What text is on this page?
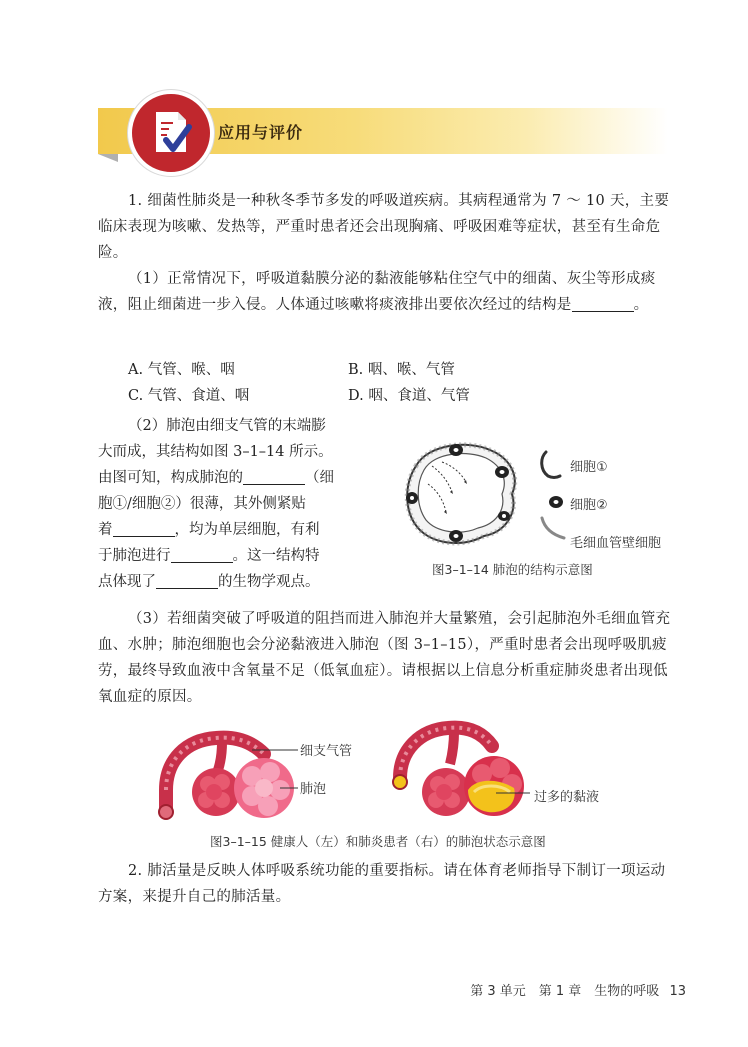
应用与评价
1. 细菌性肺炎是一种秋冬季节多发的呼吸道疾病。其病程通常为 7 ～ 10 天，主要临床表现为咳嗽、发热等，严重时患者还会出现胸痛、呼吸困难等症状，甚至有生命危险。
（1）正常情况下，呼吸道黏膜分泌的黏液能够粘住空气中的细菌、灰尘等形成痰液，阻止细菌进一步入侵。人体通过咳嗽将痰液排出要依次经过的结构是	。
A. 气管、喉、咽	B. 咽、喉、气管
C. 气管、食道、咽	D. 咽、食道、气管
（2）肺泡由细支气管的末端膨
大而成，其结构如图 3–1–14 所示。
由图可知，构成肺泡的	（细
胞①/细胞②）很薄，其外侧紧贴
着	，均为单层细胞，有利
于肺泡进行	。这一结构特
点体现了	的生物学观点。
细胞①
细胞②
毛细血管壁细胞
图3–1–14 肺泡的结构示意图
（3）若细菌突破了呼吸道的阻挡而进入肺泡并大量繁殖，会引起肺泡外毛细血管充血、水肿；肺泡细胞也会分泌黏液进入肺泡（图 3–1–15），严重时患者会出现呼吸肌疲劳，最终导致血液中含氧量不足（低氧血症）。请根据以上信息分析重症肺炎患者出现低氧血症的原因。
细支气管
肺泡
过多的黏液
图3–1–15 健康人（左）和肺炎患者（右）的肺泡状态示意图
2. 肺活量是反映人体呼吸系统功能的重要指标。请在体育老师指导下制订一项运动方案，来提升自己的肺活量。
第 3 单元　第 1 章　生物的呼吸 13
